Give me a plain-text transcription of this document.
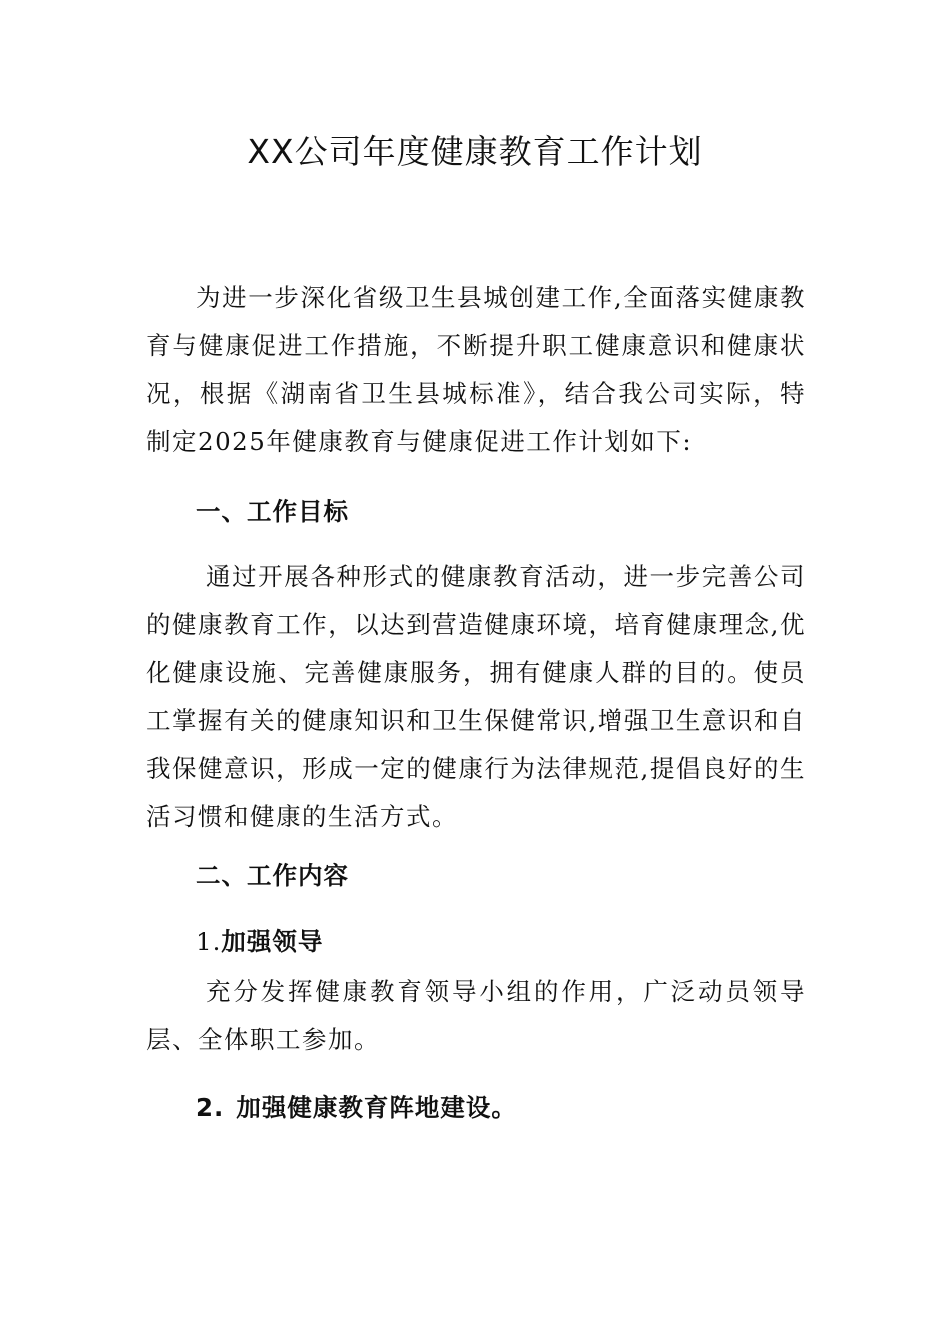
XX公司年度健康教育工作计划

为进一步深化省级卫生县城创建工作,全面落实健康教育与健康促进工作措施，不断提升职工健康意识和健康状况，根据《湖南省卫生县城标准》，结合我公司实际，特制定2025年健康教育与健康促进工作计划如下:

一、工作目标

通过开展各种形式的健康教育活动，进一步完善公司的健康教育工作，以达到营造健康环境，培育健康理念,优化健康设施、完善健康服务，拥有健康人群的目的。使员工掌握有关的健康知识和卫生保健常识,增强卫生意识和自我保健意识，形成一定的健康行为法律规范,提倡良好的生活习惯和健康的生活方式。

二、工作内容
1.加强领导

充分发挥健康教育领导小组的作用，广泛动员领导层、全体职工参加。

2. 加强健康教育阵地建设。
